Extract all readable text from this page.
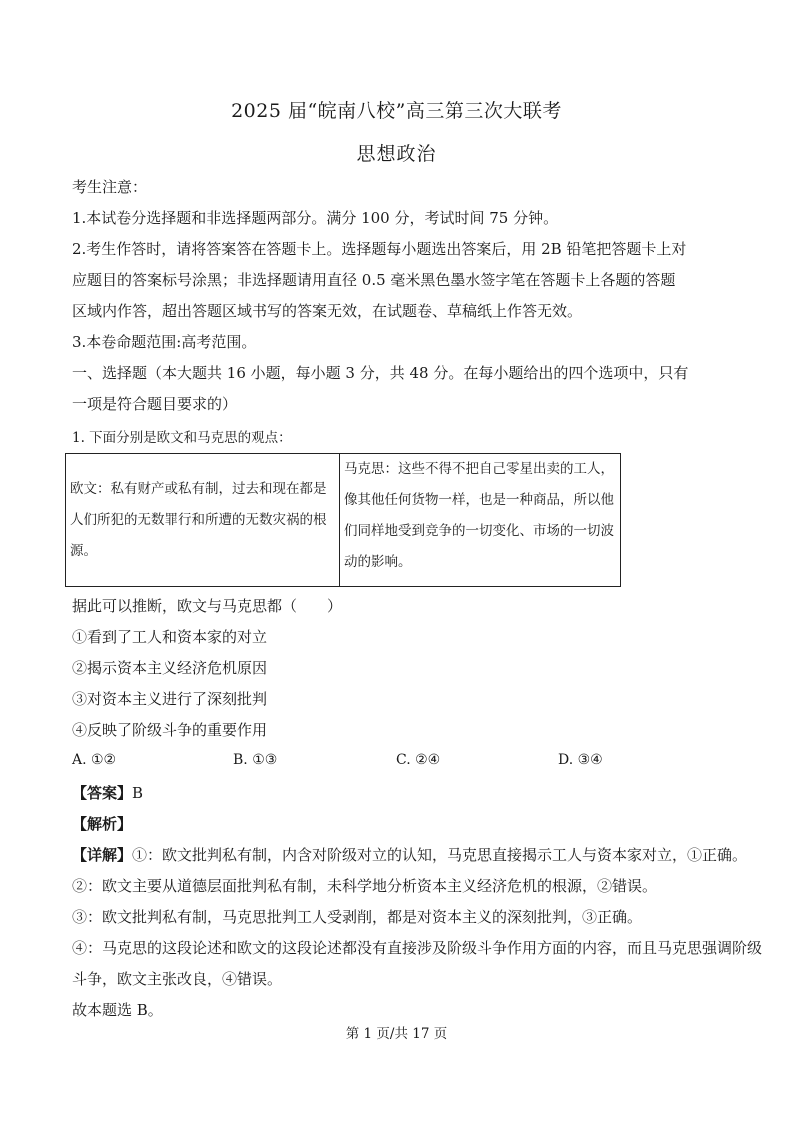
2025 届“皖南八校”高三第三次大联考
思想政治
考生注意：
1.本试卷分选择题和非选择题两部分。满分 100 分，考试时间 75 分钟。
2.考生作答时，请将答案答在答题卡上。选择题每小题选出答案后，用 2B 铅笔把答题卡上对
应题目的答案标号涂黑；非选择题请用直径 0.5 毫米黑色墨水签字笔在答题卡上各题的答题
区域内作答，超出答题区域书写的答案无效，在试题卷、草稿纸上作答无效。
3.本卷命题范围:高考范围。
一、选择题（本大题共 16 小题，每小题 3 分，共 48 分。在每小题给出的四个选项中，只有
一项是符合题目要求的）
1. 下面分别是欧文和马克思的观点：
欧文：私有财产或私有制，过去和现在都是人们所犯的无数罪行和所遭的无数灾祸的根源。	马克思：这些不得不把自己零星出卖的工人，像其他任何货物一样，也是一种商品，所以他们同样地受到竞争的一切变化、市场的一切波动的影响。
据此可以推断，欧文与马克思都（　　）
①看到了工人和资本家的对立
②揭示资本主义经济危机原因
③对资本主义进行了深刻批判
④反映了阶级斗争的重要作用
A. ①②	B. ①③	C. ②④	D. ③④
【答案】B
【解析】
【详解】①：欧文批判私有制，内含对阶级对立的认知，马克思直接揭示工人与资本家对立，①正确。
②：欧文主要从道德层面批判私有制，未科学地分析资本主义经济危机的根源，②错误。
③：欧文批判私有制，马克思批判工人受剥削，都是对资本主义的深刻批判，③正确。
④：马克思的这段论述和欧文的这段论述都没有直接涉及阶级斗争作用方面的内容，而且马克思强调阶级
斗争，欧文主张改良，④错误。
故本题选 B。
第 1 页/共 17 页
